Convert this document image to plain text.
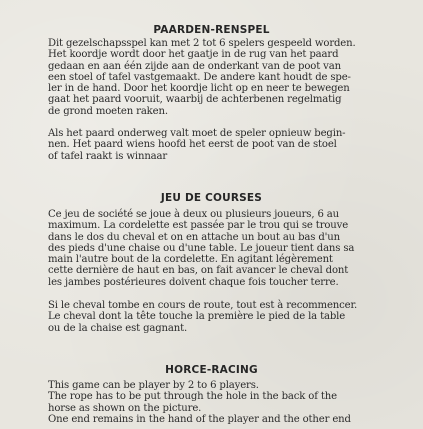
PAARDEN-RENSPEL
Dit gezelschapsspel kan met 2 tot 6 spelers gespeeld worden.
Het koordje wordt door het gaatje in de rug van het paard
gedaan en aan één zijde aan de onderkant van de poot van
een stoel of tafel vastgemaakt. De andere kant houdt de spe-
ler in de hand. Door het koordje licht op en neer te bewegen
gaat het paard vooruit, waarbij de achterbenen regelmatig
de grond moeten raken.
Als het paard onderweg valt moet de speler opnieuw begin-
nen. Het paard wiens hoofd het eerst de poot van de stoel
of tafel raakt is winnaar
JEU DE COURSES
Ce jeu de société se joue à deux ou plusieurs joueurs, 6 au
maximum. La cordelette est passée par le trou qui se trouve
dans le dos du cheval et on en attache un bout au bas d'un
des pieds d'une chaise ou d'une table. Le joueur tient dans sa
main l'autre bout de la cordelette. En agitant légèrement
cette dernière de haut en bas, on fait avancer le cheval dont
les jambes postérieures doivent chaque fois toucher terre.
Si le cheval tombe en cours de route, tout est à recommencer.
Le cheval dont la tête touche la première le pied de la table
ou de la chaise est gagnant.
HORCE-RACING
This game can be player by 2 to 6 players.
The rope has to be put through the hole in the back of the
horse as shown on the picture.
One end remains in the hand of the player and the other end
